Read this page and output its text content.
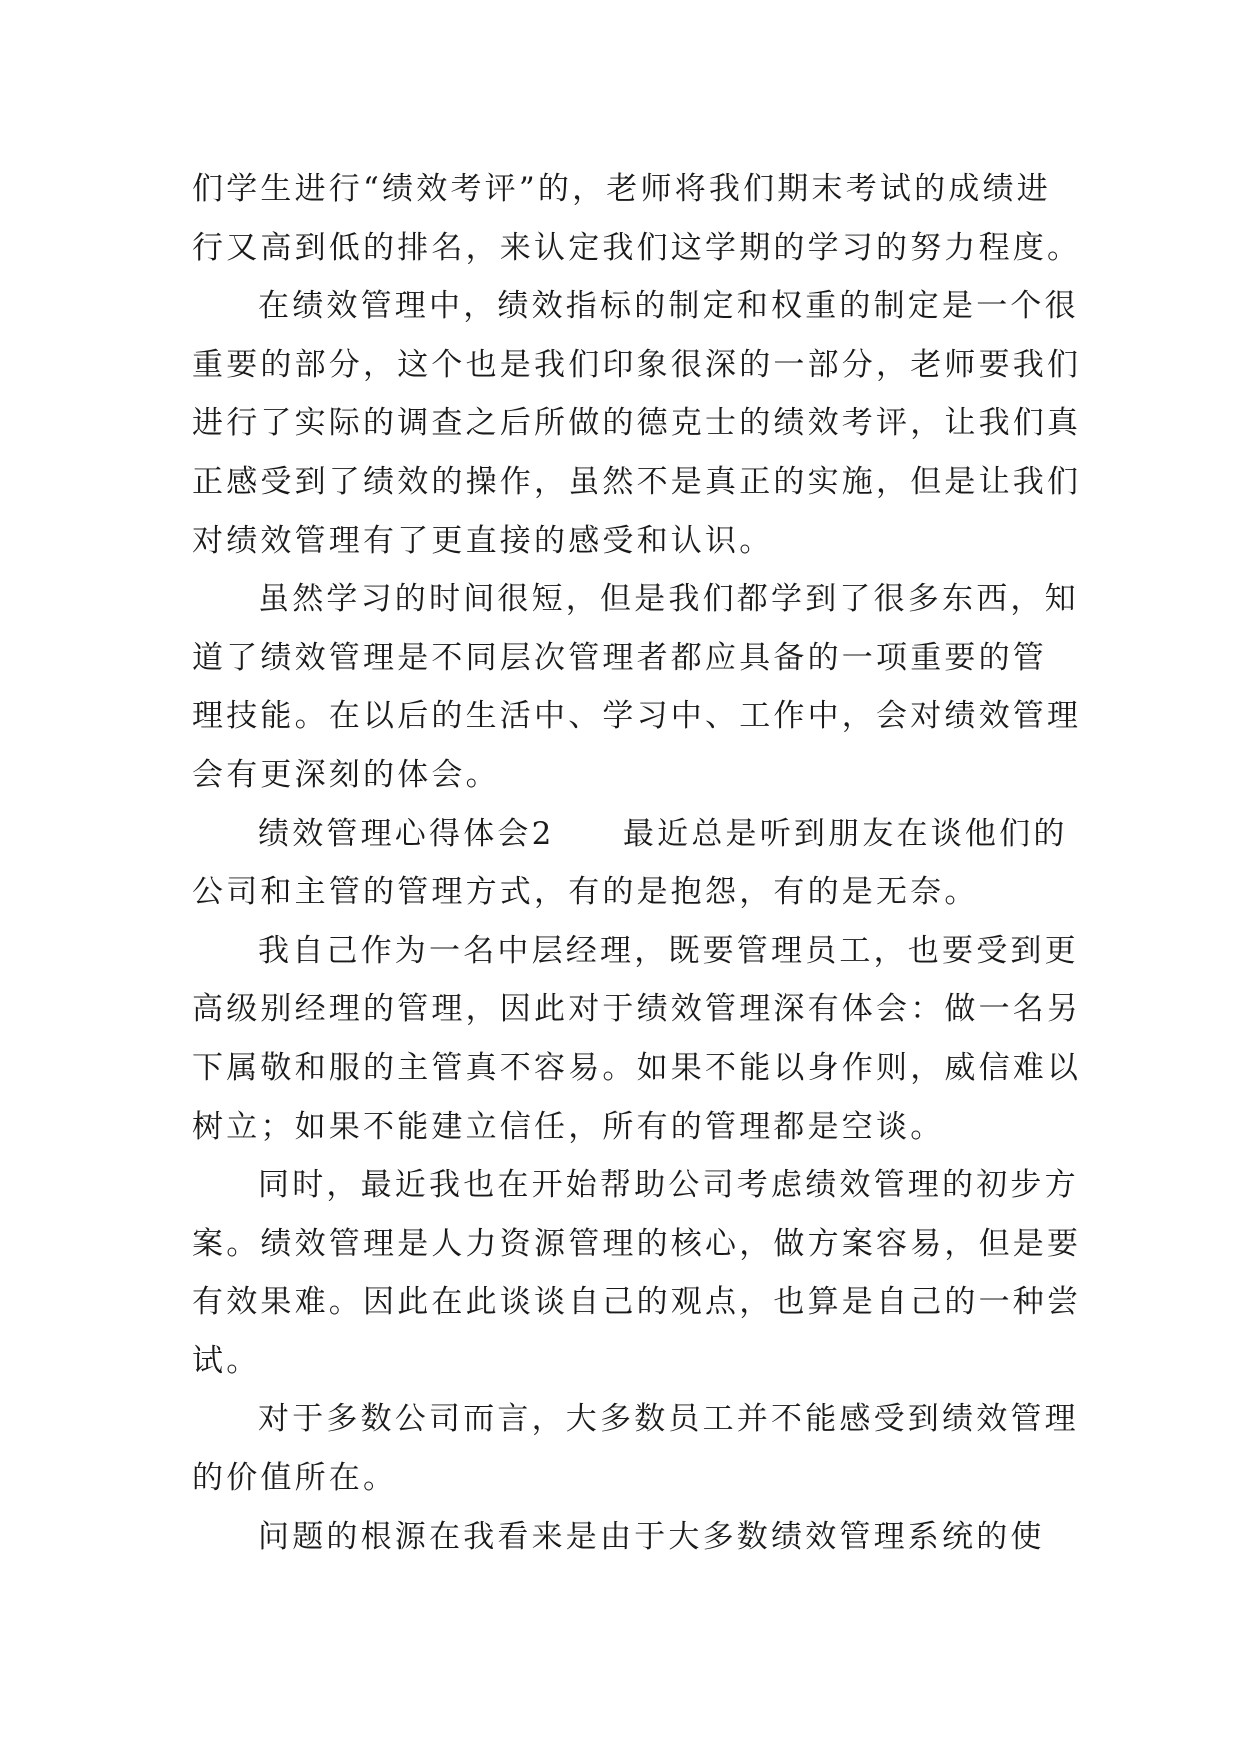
们学生进行“绩效考评”的，老师将我们期末考试的成绩进
行又高到低的排名，来认定我们这学期的学习的努力程度。
在绩效管理中，绩效指标的制定和权重的制定是一个很
重要的部分，这个也是我们印象很深的一部分，老师要我们
进行了实际的调查之后所做的德克士的绩效考评，让我们真
正感受到了绩效的操作，虽然不是真正的实施，但是让我们
对绩效管理有了更直接的感受和认识。
虽然学习的时间很短，但是我们都学到了很多东西，知
道了绩效管理是不同层次管理者都应具备的一项重要的管
理技能。在以后的生活中、学习中、工作中，会对绩效管理
会有更深刻的体会。
绩效管理心得体会2　　最近总是听到朋友在谈他们的
公司和主管的管理方式，有的是抱怨，有的是无奈。
我自己作为一名中层经理，既要管理员工，也要受到更
高级别经理的管理，因此对于绩效管理深有体会：做一名另
下属敬和服的主管真不容易。如果不能以身作则，威信难以
树立；如果不能建立信任，所有的管理都是空谈。
同时，最近我也在开始帮助公司考虑绩效管理的初步方
案。绩效管理是人力资源管理的核心，做方案容易，但是要
有效果难。因此在此谈谈自己的观点，也算是自己的一种尝
试。
对于多数公司而言，大多数员工并不能感受到绩效管理
的价值所在。
问题的根源在我看来是由于大多数绩效管理系统的使
